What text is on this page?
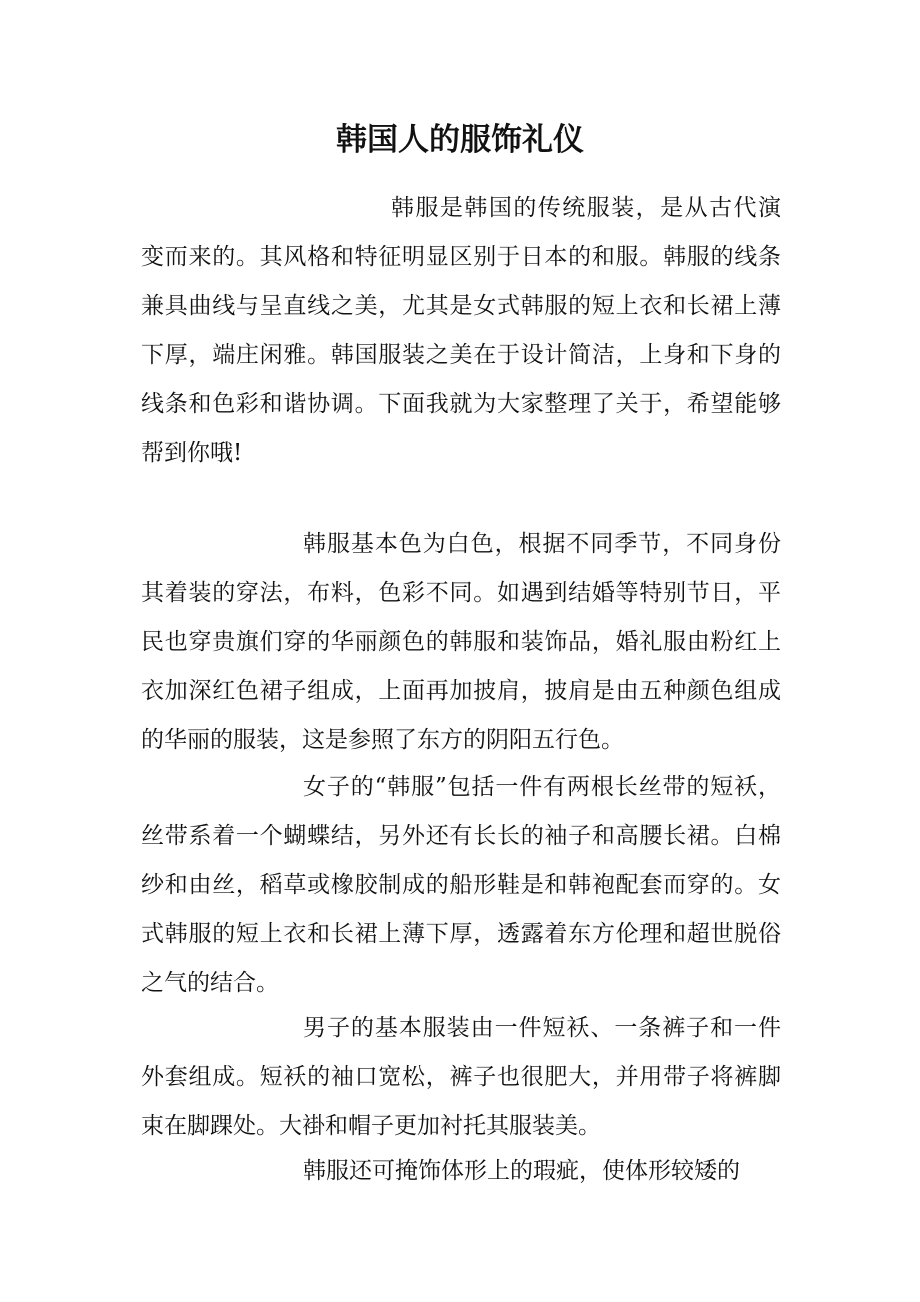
韩国人的服饰礼仪

韩服是韩国的传统服装，是从古代演变而来的。其风格和特征明显区别于日本的和服。韩服的线条兼具曲线与呈直线之美，尤其是女式韩服的短上衣和长裙上薄下厚，端庄闲雅。韩国服装之美在于设计简洁，上身和下身的线条和色彩和谐协调。下面我就为大家整理了关于，希望能够帮到你哦!

韩服基本色为白色，根据不同季节，不同身份其着装的穿法，布料，色彩不同。如遇到结婚等特别节日，平民也穿贵旗们穿的华丽颜色的韩服和装饰品，婚礼服由粉红上衣加深红色裙子组成，上面再加披肩，披肩是由五种颜色组成的华丽的服装，这是参照了东方的阴阳五行色。

女子的“韩服”包括一件有两根长丝带的短袄，丝带系着一个蝴蝶结，另外还有长长的袖子和高腰长裙。白棉纱和由丝，稻草或橡胶制成的船形鞋是和韩袍配套而穿的。女式韩服的短上衣和长裙上薄下厚，透露着东方伦理和超世脱俗之气的结合。

男子的基本服装由一件短袄、一条裤子和一件外套组成。短袄的袖口宽松，裤子也很肥大，并用带子将裤脚束在脚踝处。大褂和帽子更加衬托其服装美。

韩服还可掩饰体形上的瑕疵，使体形较矮的
